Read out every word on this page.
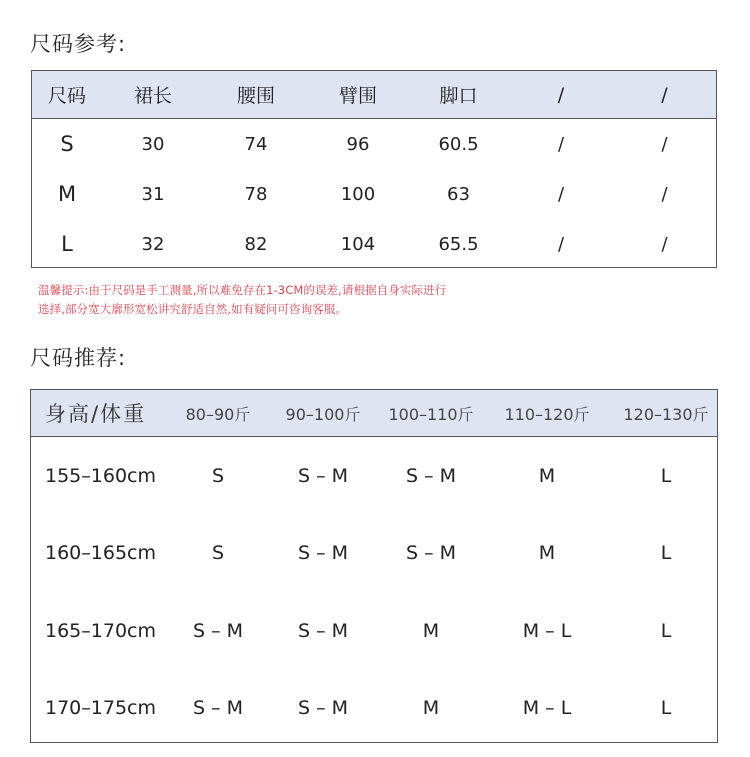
尺码参考:
尺码	裙长	腰围	臂围	脚口	/	/
S	30	74	96	60.5	/	/
M	31	78	100	63	/	/
L	32	82	104	65.5	/	/
温馨提示:由于尺码是手工测量,所以难免存在1-3CM的误差,请根据自身实际进行
选择,部分宽大廓形宽松讲究舒适自然,如有疑问可咨询客服。
尺码推荐:
身高/体重	80–90斤	90–100斤	100–110斤	110–120斤	120–130斤
155–160cm	S	S – M	S – M	M	L
160–165cm	S	S – M	S – M	M	L
165–170cm	S – M	S – M	M	M – L	L
170–175cm	S – M	S – M	M	M – L	L
